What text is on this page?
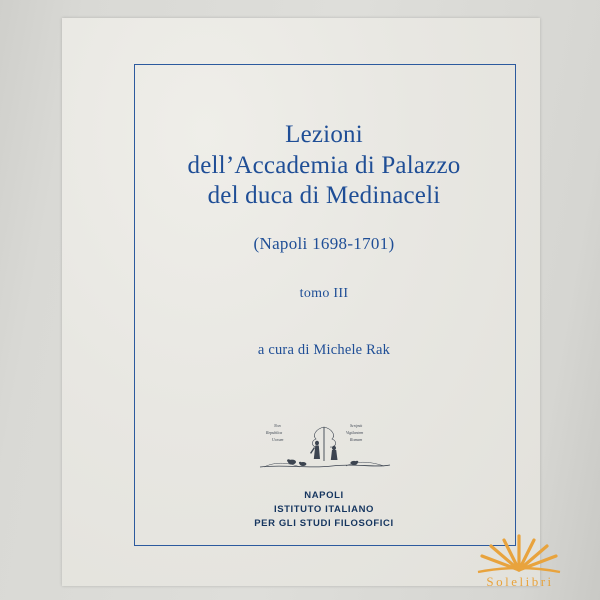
Lezioni
dell’Accademia di Palazzo
del duca di Medinaceli
(Napoli 1698-1701)
tomo III
a cura di Michele Rak
Non
Republica
Uorum
Scripsit
Vigilantem
Romam
NAPOLI
ISTITUTO ITALIANO
PER GLI STUDI FILOSOFICI
Solelibri
